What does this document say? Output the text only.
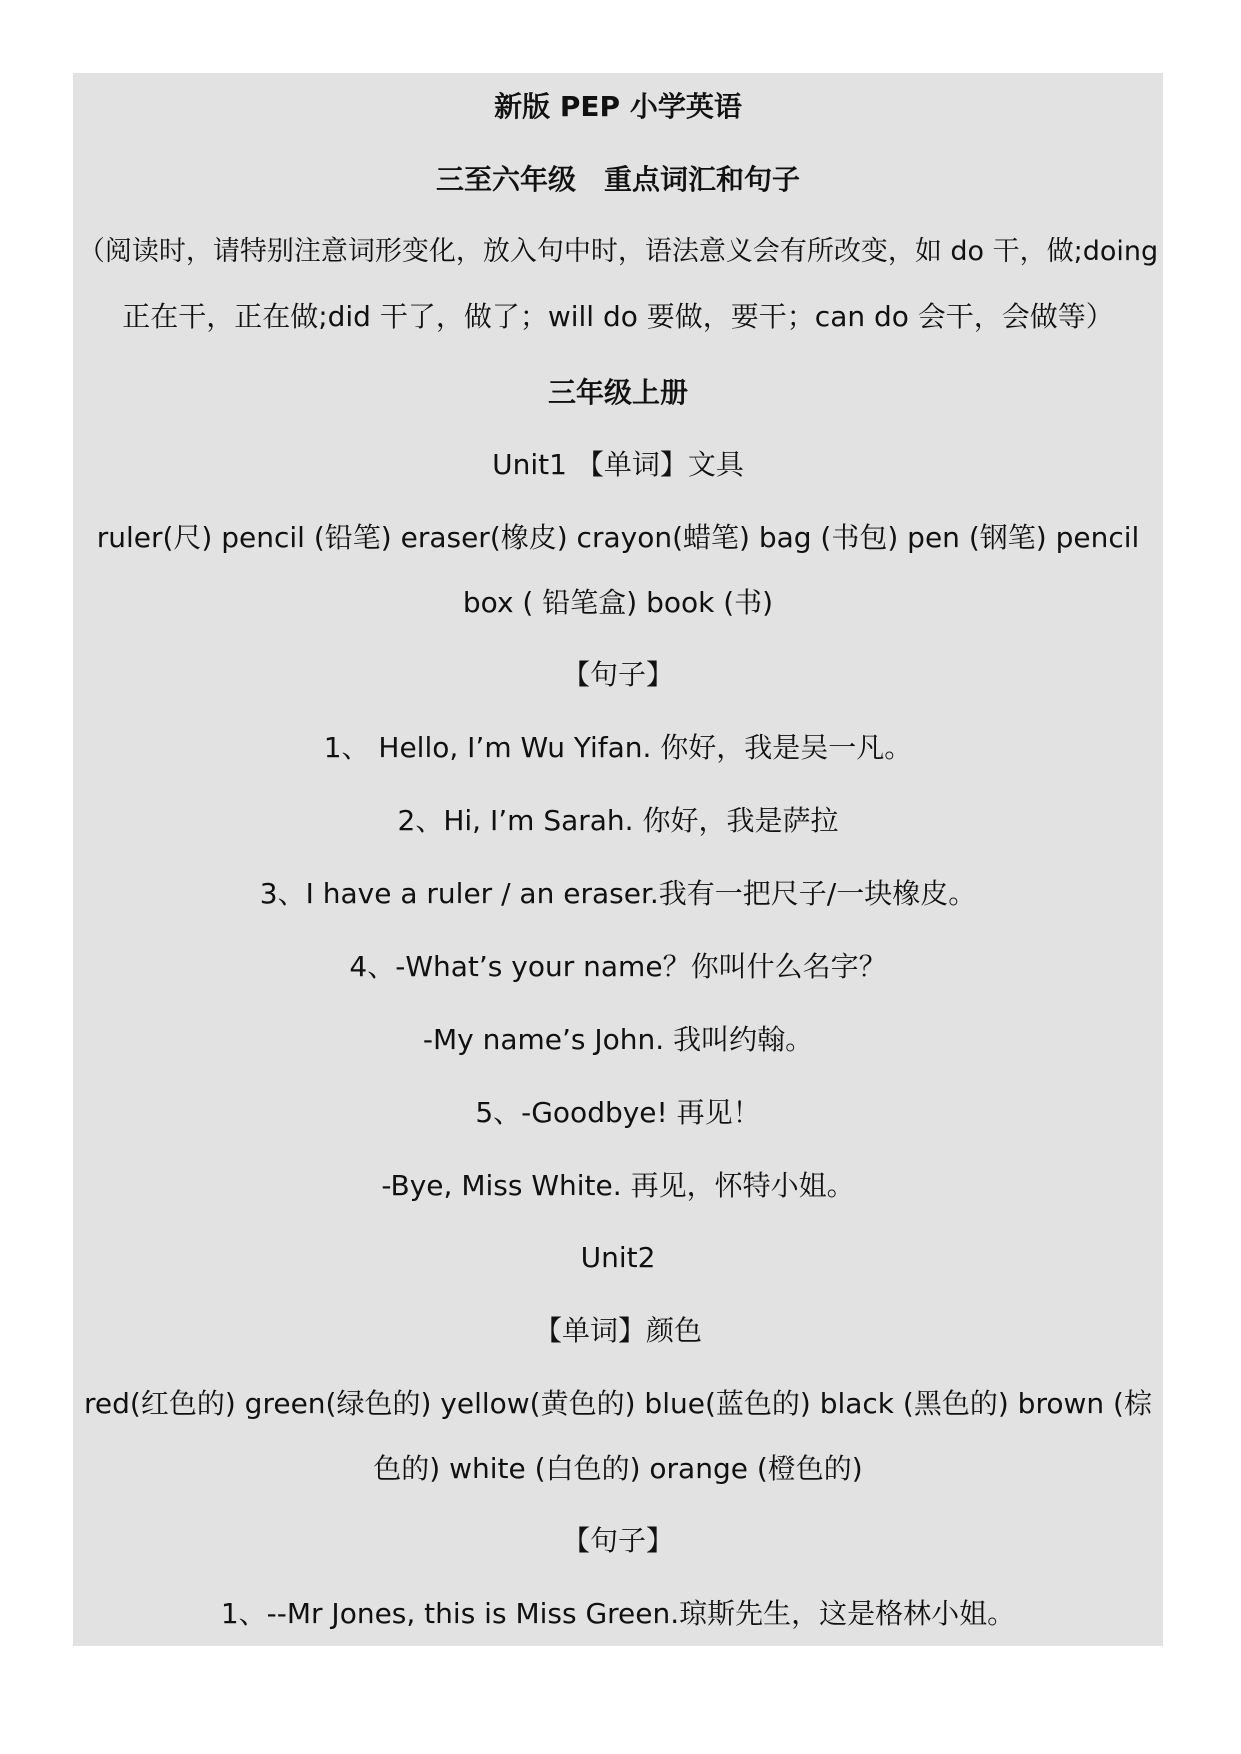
新版 PEP 小学英语
三至六年级　重点词汇和句子
（阅读时，请特别注意词形变化，放入句中时，语法意义会有所改变，如 do 干，做;doing
正在干，正在做;did 干了，做了；will do 要做，要干；can do 会干，会做等）
三年级上册
Unit1 【单词】文具
ruler(尺) pencil (铅笔) eraser(橡皮) crayon(蜡笔) bag (书包) pen (钢笔) pencil
box ( 铅笔盒) book (书)
【句子】
1、 Hello, I’m Wu Yifan. 你好，我是吴一凡。
2、Hi, I’m Sarah. 你好，我是萨拉
3、I have a ruler / an eraser.我有一把尺子/一块橡皮。
4、-What’s your name？你叫什么名字？
-My name’s John. 我叫约翰。
5、-Goodbye! 再见！
-Bye, Miss White. 再见，怀特小姐。
Unit2
【单词】颜色
red(红色的) green(绿色的) yellow(黄色的) blue(蓝色的) black (黑色的) brown (棕
色的) white (白色的) orange (橙色的)
【句子】
1、--Mr Jones, this is Miss Green.琼斯先生，这是格林小姐。
